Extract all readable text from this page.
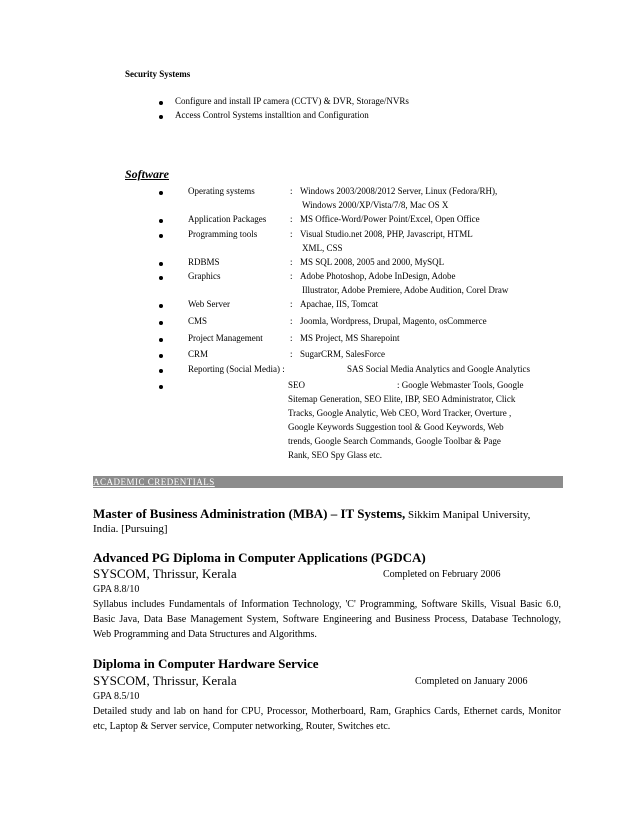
Security Systems
Configure and install IP camera (CCTV) & DVR, Storage/NVRs
Access Control Systems installtion and Configuration
Software
Operating systems	: Windows 2003/2008/2012 Server, Linux (Fedora/RH),
Windows 2000/XP/Vista/7/8, Mac OS X
Application Packages	: MS Office-Word/Power Point/Excel, Open Office
Programming tools	: Visual Studio.net 2008, PHP, Javascript, HTML
XML, CSS
RDBMS	: MS SQL 2008, 2005 and 2000, MySQL
Graphics	: Adobe Photoshop, Adobe InDesign, Adobe
Illustrator, Adobe Premiere, Adobe Audition, Corel Draw
Web Server	: Apachae, IIS, Tomcat
CMS	: Joomla, Wordpress, Drupal, Magento, osCommerce
Project Management	: MS Project, MS Sharepoint
CRM	: SugarCRM, SalesForce
Reporting (Social Media) :	SAS Social Media Analytics and Google Analytics
SEO	: Google Webmaster Tools, Google
Sitemap Generation, SEO Elite, IBP, SEO Administrator, Click
Tracks, Google Analytic, Web CEO, Word Tracker, Overture ,
Google Keywords Suggestion tool & Good Keywords, Web
trends, Google Search Commands, Google Toolbar & Page
Rank, SEO Spy Glass etc.
ACADEMIC CREDENTIALS
Master of Business Administration (MBA) – IT Systems, Sikkim Manipal University,
India. [Pursuing]
Advanced PG Diploma in Computer Applications (PGDCA)
SYSCOM, Thrissur, Kerala	Completed on February 2006
GPA 8.8/10
Syllabus includes Fundamentals of Information Technology, 'C' Programming, Software Skills, Visual Basic 6.0, Basic Java, Data Base Management System, Software Engineering and Business Process, Database Technology, Web Programming and Data Structures and Algorithms.
Diploma in Computer Hardware Service
SYSCOM, Thrissur, Kerala	Completed on January 2006
GPA 8.5/10
Detailed study and lab on hand for CPU, Processor, Motherboard, Ram, Graphics Cards, Ethernet cards, Monitor etc, Laptop & Server service, Computer networking, Router, Switches etc.
